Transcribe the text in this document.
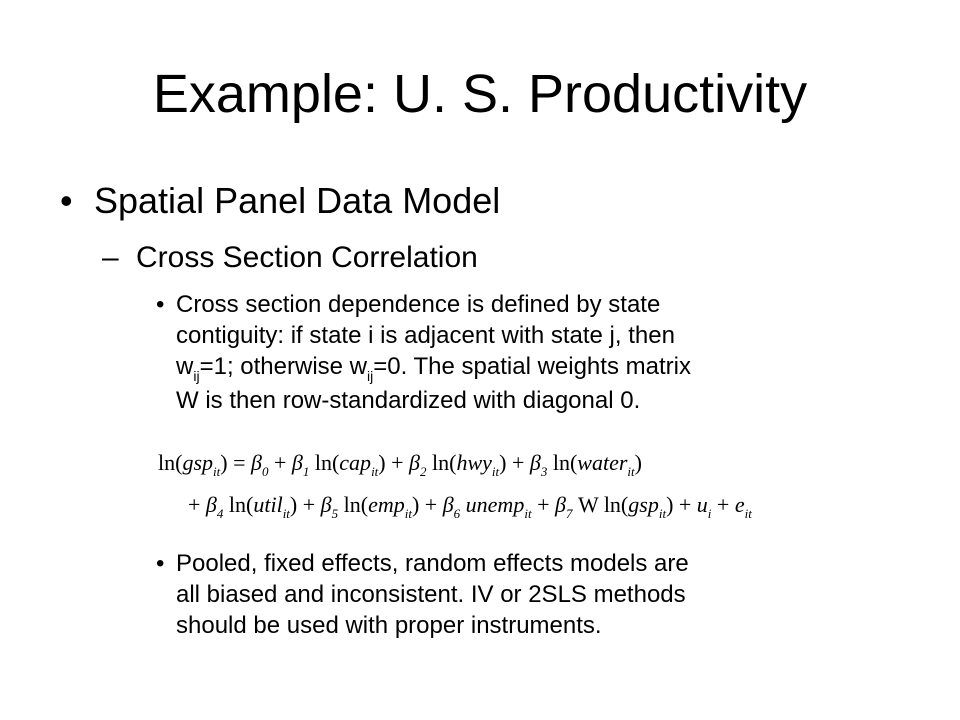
Example: U. S. Productivity
• Spatial Panel Data Model
– Cross Section Correlation
• Cross section dependence is defined by state
contiguity: if state i is adjacent with state j, then
$w_{ij}=1$; otherwise $w_{ij}=0$. The spatial weights matrix
W is then row-standardized with diagonal 0.
$\ln(gsp_{it}) = \beta_0 + \beta_1$ $\ln(cap_{it}) + \beta_2$ $\ln(hwy_{it}) + \beta_3$ ln(water$_{it}$)
+ $\beta_4$ ln(util$_{it}$) + $\beta_5$ $\ln(emp_{it}) + \beta_6$ unemp$_{it}$ + $\beta_7$ W $\ln(gsp_{it}) + u_i + e_{it}$
• Pooled, fixed effects, random effects models are
all biased and inconsistent. IV or 2SLS methods
should be used with proper instruments.
